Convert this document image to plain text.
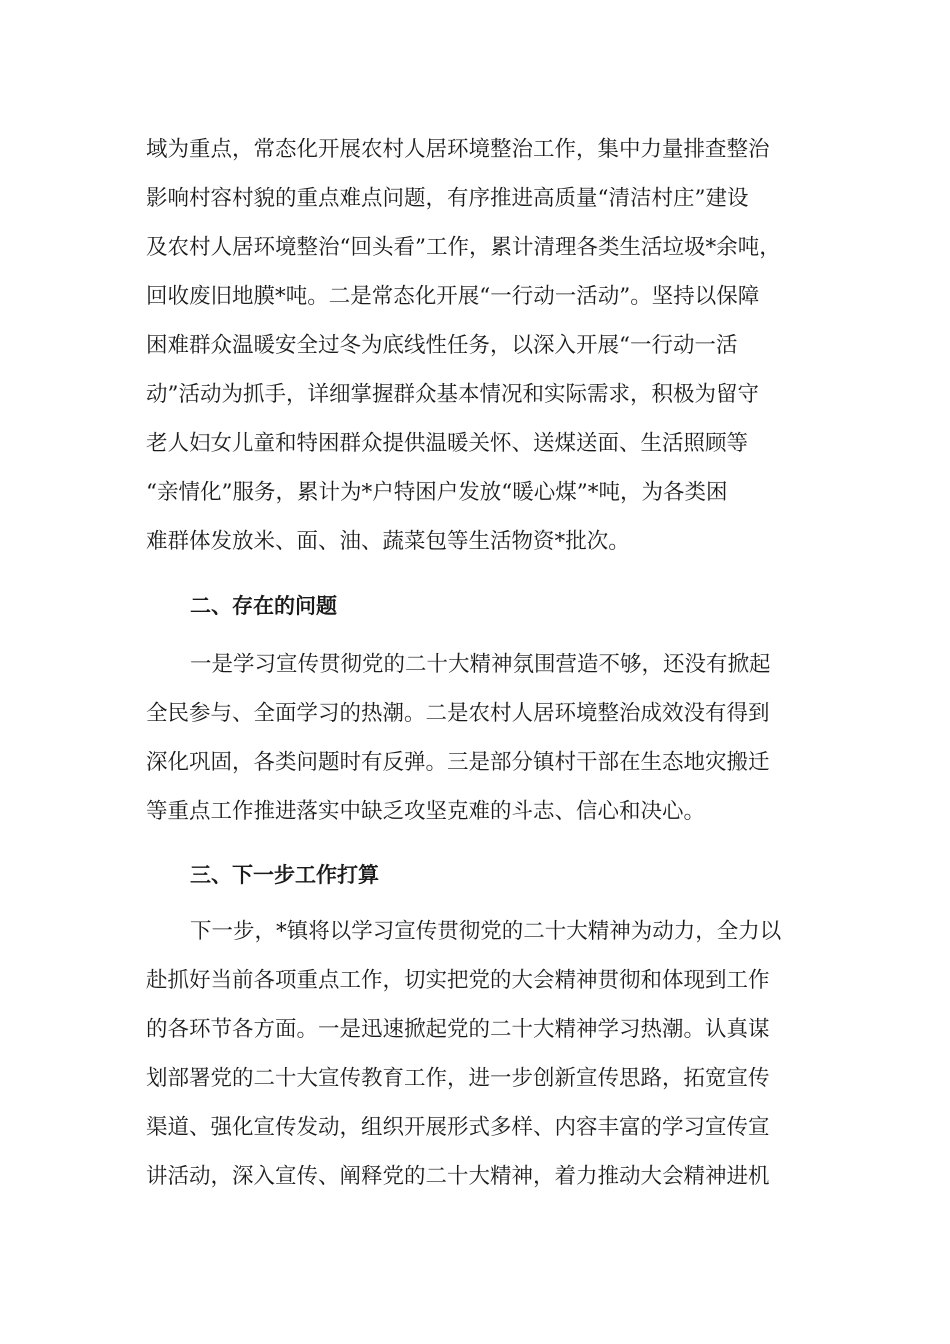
域为重点，常态化开展农村人居环境整治工作，集中力量排查整治
影响村容村貌的重点难点问题，有序推进高质量“清洁村庄”建设
及农村人居环境整治“回头看”工作，累计清理各类生活垃圾*余吨，
回收废旧地膜*吨。二是常态化开展“一行动一活动”。坚持以保障
困难群众温暖安全过冬为底线性任务，以深入开展“一行动一活
动”活动为抓手，详细掌握群众基本情况和实际需求，积极为留守
老人妇女儿童和特困群众提供温暖关怀、送煤送面、生活照顾等
“亲情化”服务，累计为*户特困户发放“暖心煤”*吨，为各类困
难群体发放米、面、油、蔬菜包等生活物资*批次。
二、存在的问题
一是学习宣传贯彻党的二十大精神氛围营造不够，还没有掀起
全民参与、全面学习的热潮。二是农村人居环境整治成效没有得到
深化巩固，各类问题时有反弹。三是部分镇村干部在生态地灾搬迁
等重点工作推进落实中缺乏攻坚克难的斗志、信心和决心。
三、下一步工作打算
下一步，*镇将以学习宣传贯彻党的二十大精神为动力，全力以
赴抓好当前各项重点工作，切实把党的大会精神贯彻和体现到工作
的各环节各方面。一是迅速掀起党的二十大精神学习热潮。认真谋
划部署党的二十大宣传教育工作，进一步创新宣传思路，拓宽宣传
渠道、强化宣传发动，组织开展形式多样、内容丰富的学习宣传宣
讲活动，深入宣传、阐释党的二十大精神，着力推动大会精神进机
